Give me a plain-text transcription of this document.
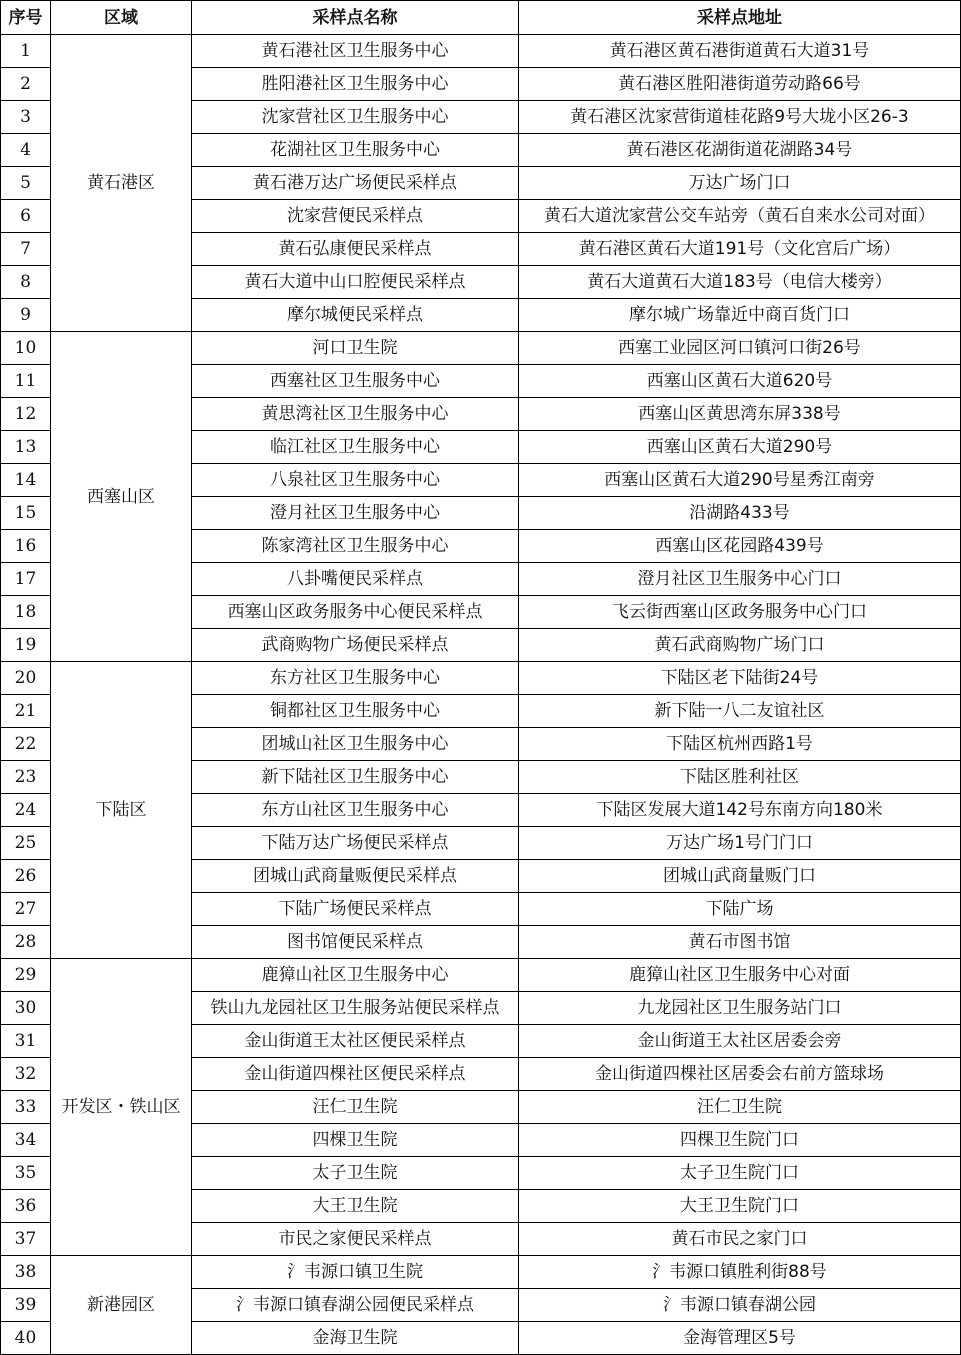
序号	区域	采样点名称	采样点地址
1	黄石港区	黄石港社区卫生服务中心	黄石港区黄石港街道黄石大道31号
2		胜阳港社区卫生服务中心	黄石港区胜阳港街道劳动路66号
3		沈家营社区卫生服务中心	黄石港区沈家营街道桂花路9号大垅小区26-3
4		花湖社区卫生服务中心	黄石港区花湖街道花湖路34号
5		黄石港万达广场便民采样点	万达广场门口
6		沈家营便民采样点	黄石大道沈家营公交车站旁（黄石自来水公司对面）
7		黄石弘康便民采样点	黄石港区黄石大道191号（文化宫后广场）
8		黄石大道中山口腔便民采样点	黄石大道黄石大道183号（电信大楼旁）
9		摩尔城便民采样点	摩尔城广场靠近中商百货门口
10	西塞山区	河口卫生院	西塞工业园区河口镇河口街26号
11		西塞社区卫生服务中心	西塞山区黄石大道620号
12		黄思湾社区卫生服务中心	西塞山区黄思湾东屏338号
13		临江社区卫生服务中心	西塞山区黄石大道290号
14		八泉社区卫生服务中心	西塞山区黄石大道290号星秀江南旁
15		澄月社区卫生服务中心	沿湖路433号
16		陈家湾社区卫生服务中心	西塞山区花园路439号
17		八卦嘴便民采样点	澄月社区卫生服务中心门口
18		西塞山区政务服务中心便民采样点	飞云街西塞山区政务服务中心门口
19		武商购物广场便民采样点	黄石武商购物广场门口
20	下陆区	东方社区卫生服务中心	下陆区老下陆街24号
21		铜都社区卫生服务中心	新下陆一八二友谊社区
22		团城山社区卫生服务中心	下陆区杭州西路1号
23		新下陆社区卫生服务中心	下陆区胜利社区
24		东方山社区卫生服务中心	下陆区发展大道142号东南方向180米
25		下陆万达广场便民采样点	万达广场1号门门口
26		团城山武商量贩便民采样点	团城山武商量贩门口
27		下陆广场便民采样点	下陆广场
28		图书馆便民采样点	黄石市图书馆
29	开发区・铁山区	鹿獐山社区卫生服务中心	鹿獐山社区卫生服务中心对面
30		铁山九龙园社区卫生服务站便民采样点	九龙园社区卫生服务站门口
31		金山街道王太社区便民采样点	金山街道王太社区居委会旁
32		金山街道四棵社区便民采样点	金山街道四棵社区居委会右前方篮球场
33		汪仁卫生院	汪仁卫生院
34		四棵卫生院	四棵卫生院门口
35		太子卫生院	太子卫生院门口
36		大王卫生院	大王卫生院门口
37		市民之家便民采样点	黄石市民之家门口
38	新港园区	氵韦源口镇卫生院	氵韦源口镇胜利街88号
39		氵韦源口镇春湖公园便民采样点	氵韦源口镇春湖公园
40		金海卫生院	金海管理区5号
